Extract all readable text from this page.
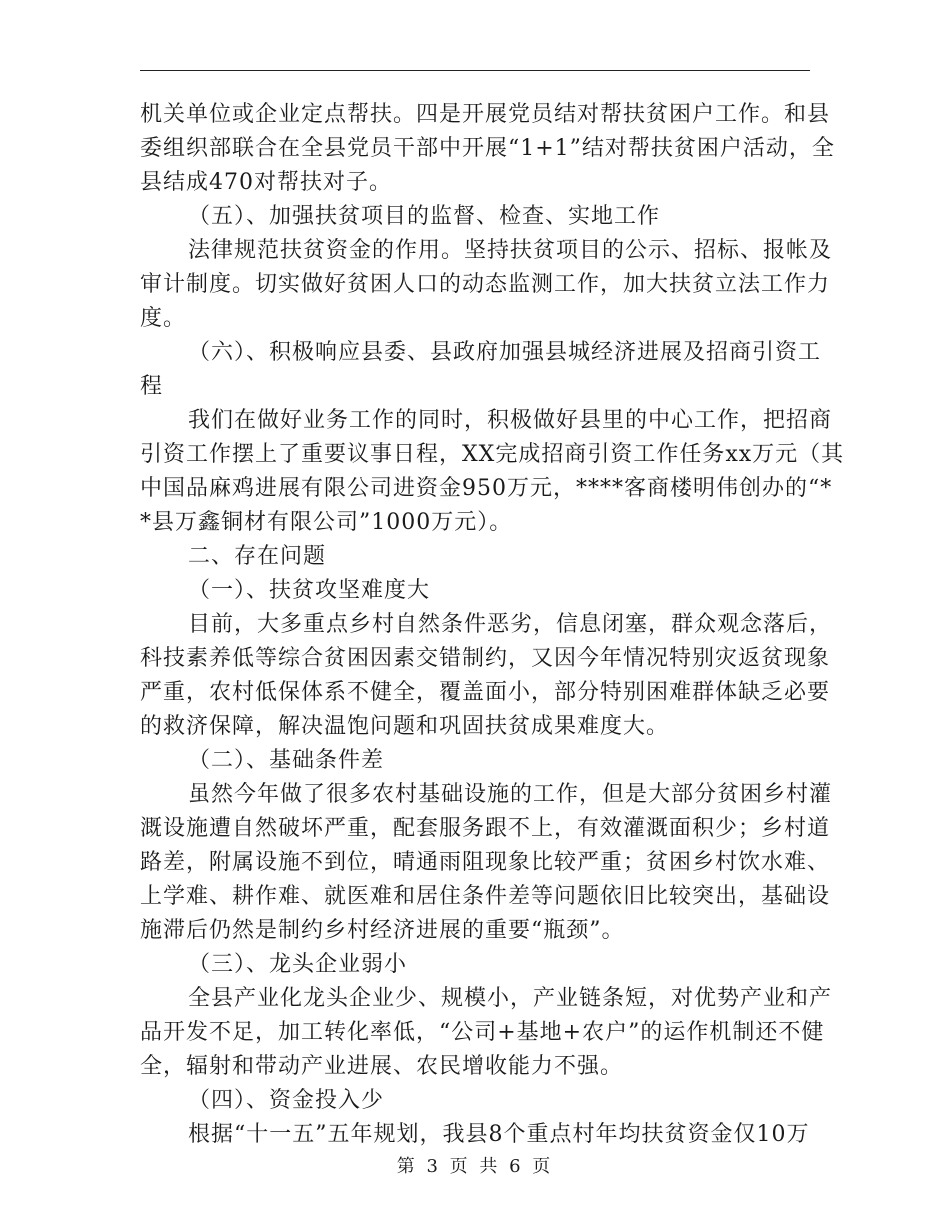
机关单位或企业定点帮扶。四是开展党员结对帮扶贫困户工作。和县
委组织部联合在全县党员干部中开展“1+1”结对帮扶贫困户活动，全
县结成470对帮扶对子。
（五）、加强扶贫项目的监督、检查、实地工作
法律规范扶贫资金的作用。坚持扶贫项目的公示、招标、报帐及
审计制度。切实做好贫困人口的动态监测工作，加大扶贫立法工作力
度。
（六）、积极响应县委、县政府加强县城经济进展及招商引资工
程
我们在做好业务工作的同时，积极做好县里的中心工作，把招商
引资工作摆上了重要议事日程，XX完成招商引资工作任务xx万元（其
中国品麻鸡进展有限公司进资金950万元，****客商楼明伟创办的“*
*县万鑫铜材有限公司”1000万元）。
二、存在问题
（一）、扶贫攻坚难度大
目前，大多重点乡村自然条件恶劣，信息闭塞，群众观念落后，
科技素养低等综合贫困因素交错制约，又因今年情况特别灾返贫现象
严重，农村低保体系不健全，覆盖面小，部分特别困难群体缺乏必要
的救济保障，解决温饱问题和巩固扶贫成果难度大。
（二）、基础条件差
虽然今年做了很多农村基础设施的工作，但是大部分贫困乡村灌
溉设施遭自然破坏严重，配套服务跟不上，有效灌溉面积少；乡村道
路差，附属设施不到位，晴通雨阻现象比较严重；贫困乡村饮水难、
上学难、耕作难、就医难和居住条件差等问题依旧比较突出，基础设
施滞后仍然是制约乡村经济进展的重要“瓶颈”。
（三）、龙头企业弱小
全县产业化龙头企业少、规模小，产业链条短，对优势产业和产
品开发不足，加工转化率低，“公司+基地+农户”的运作机制还不健
全，辐射和带动产业进展、农民增收能力不强。
（四）、资金投入少
根据“十一五”五年规划，我县8个重点村年均扶贫资金仅10万
第 3 页 共 6 页
